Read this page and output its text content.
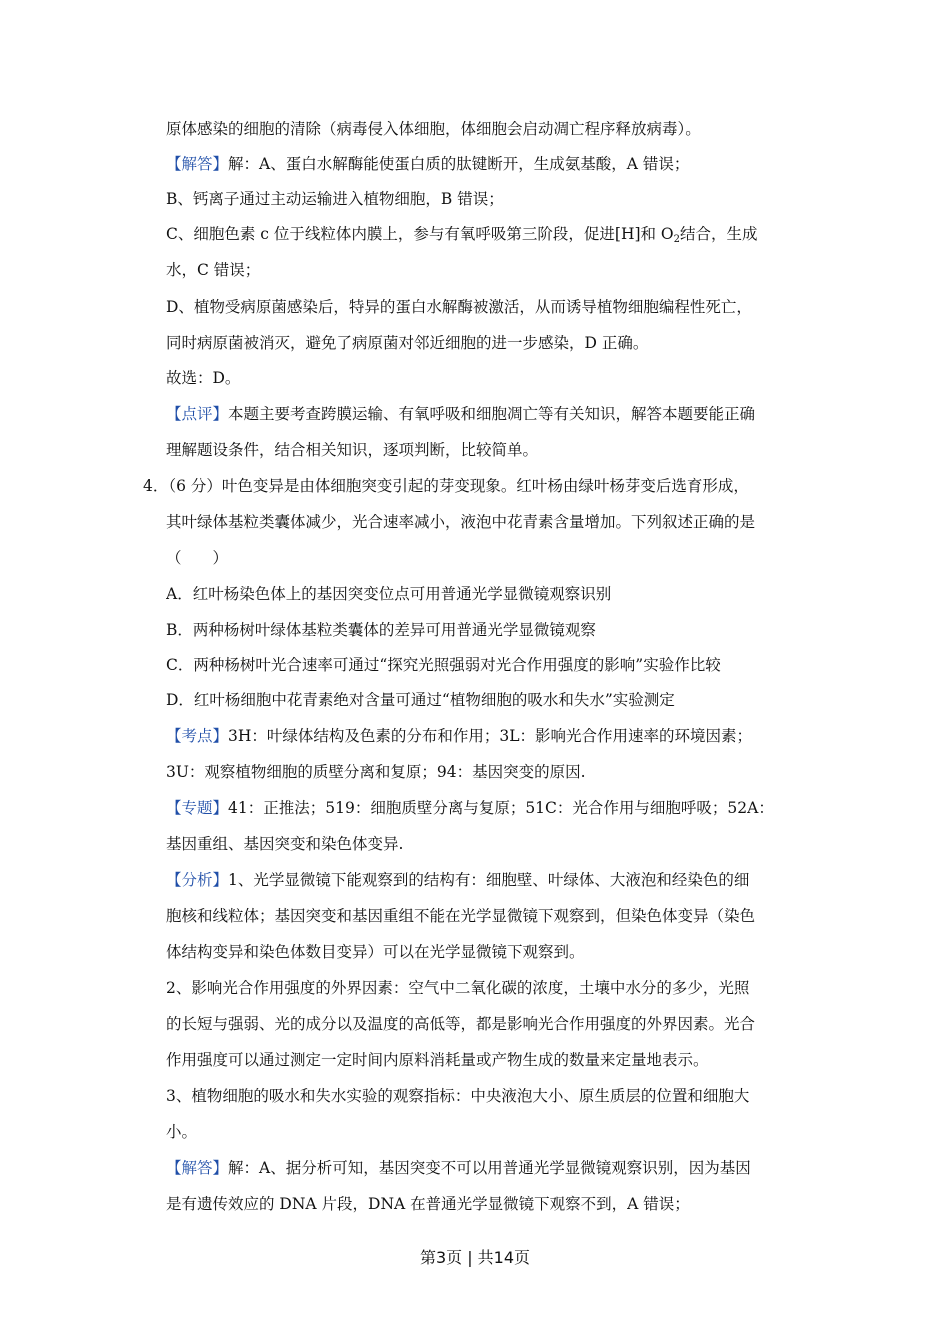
原体感染的细胞的清除（病毒侵入体细胞，体细胞会启动凋亡程序释放病毒）。
【解答】解：A、蛋白水解酶能使蛋白质的肽键断开，生成氨基酸，A 错误；
B、钙离子通过主动运输进入植物细胞，B 错误；
C、细胞色素 c 位于线粒体内膜上，参与有氧呼吸第三阶段，促进[H]和 $O_2$结合，生成
水，C 错误；
D、植物受病原菌感染后，特异的蛋白水解酶被激活，从而诱导植物细胞编程性死亡，
同时病原菌被消灭，避免了病原菌对邻近细胞的进一步感染，D 正确。
故选：D。
【点评】本题主要考查跨膜运输、有氧呼吸和细胞凋亡等有关知识，解答本题要能正确
理解题设条件，结合相关知识，逐项判断，比较简单。
4．（6 分）叶色变异是由体细胞突变引起的芽变现象。红叶杨由绿叶杨芽变后选育形成，
其叶绿体基粒类囊体减少，光合速率减小，液泡中花青素含量增加。下列叙述正确的是
（　　）
A．红叶杨染色体上的基因突变位点可用普通光学显微镜观察识别
B．两种杨树叶绿体基粒类囊体的差异可用普通光学显微镜观察
C．两种杨树叶光合速率可通过“探究光照强弱对光合作用强度的影响”实验作比较
D．红叶杨细胞中花青素绝对含量可通过“植物细胞的吸水和失水”实验测定
【考点】3H：叶绿体结构及色素的分布和作用；3L：影响光合作用速率的环境因素；
3U：观察植物细胞的质壁分离和复原；94：基因突变的原因.
【专题】41：正推法；519：细胞质壁分离与复原；51C：光合作用与细胞呼吸；52A：
基因重组、基因突变和染色体变异.
【分析】1、光学显微镜下能观察到的结构有：细胞壁、叶绿体、大液泡和经染色的细
胞核和线粒体；基因突变和基因重组不能在光学显微镜下观察到，但染色体变异（染色
体结构变异和染色体数目变异）可以在光学显微镜下观察到。
2、影响光合作用强度的外界因素：空气中二氧化碳的浓度，土壤中水分的多少，光照
的长短与强弱、光的成分以及温度的高低等，都是影响光合作用强度的外界因素。光合
作用强度可以通过测定一定时间内原料消耗量或产物生成的数量来定量地表示。
3、植物细胞的吸水和失水实验的观察指标：中央液泡大小、原生质层的位置和细胞大
小。
【解答】解：A、据分析可知，基因突变不可以用普通光学显微镜观察识别，因为基因
是有遗传效应的 DNA 片段，DNA 在普通光学显微镜下观察不到，A 错误；
第3页 | 共14页
